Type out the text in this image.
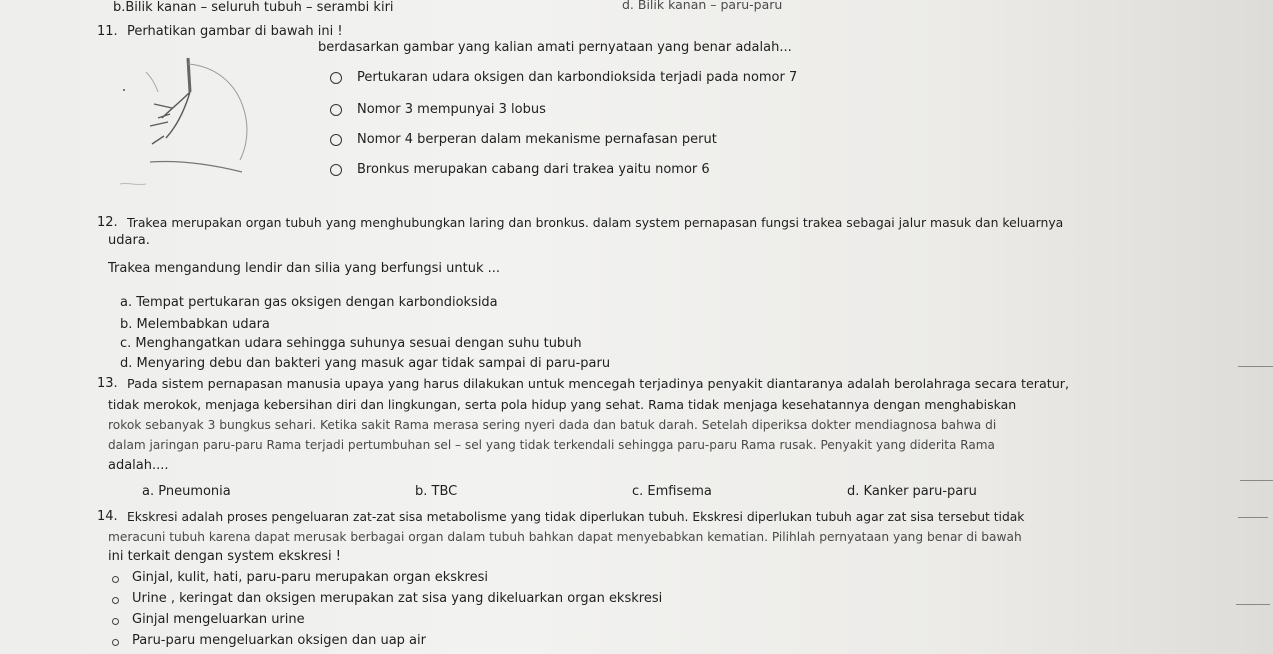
b.Bilik kanan – seluruh tubuh – serambi kiri	d. Bilik kanan – paru-paru
11. Perhatikan gambar di bawah ini !
berdasarkan gambar yang kalian amati pernyataan yang benar adalah...
Pertukaran udara oksigen dan karbondioksida terjadi pada nomor 7
Nomor 3 mempunyai 3 lobus
Nomor 4 berperan dalam mekanisme pernafasan perut
Bronkus merupakan cabang dari trakea yaitu nomor 6
12. Trakea merupakan organ tubuh yang menghubungkan laring dan bronkus. dalam system pernapasan fungsi trakea sebagai jalur masuk dan keluarnya
udara.
Trakea mengandung lendir dan silia yang berfungsi untuk ...
a. Tempat pertukaran gas oksigen dengan karbondioksida
b. Melembabkan udara
c. Menghangatkan udara sehingga suhunya sesuai dengan suhu tubuh
d. Menyaring debu dan bakteri yang masuk agar tidak sampai di paru-paru
13. Pada sistem pernapasan manusia upaya yang harus dilakukan untuk mencegah terjadinya penyakit diantaranya adalah berolahraga secara teratur,
tidak merokok, menjaga kebersihan diri dan lingkungan, serta pola hidup yang sehat. Rama tidak menjaga kesehatannya dengan menghabiskan
rokok sebanyak 3 bungkus sehari. Ketika sakit Rama merasa sering nyeri dada dan batuk darah. Setelah diperiksa dokter mendiagnosa bahwa di
dalam jaringan paru-paru Rama terjadi pertumbuhan sel – sel yang tidak terkendali sehingga paru-paru Rama rusak. Penyakit yang diderita Rama
adalah....
a. Pneumonia	b. TBC	c. Emfisema	d. Kanker paru-paru
14. Ekskresi adalah proses pengeluaran zat-zat sisa metabolisme yang tidak diperlukan tubuh. Ekskresi diperlukan tubuh agar zat sisa tersebut tidak
meracuni tubuh karena dapat merusak berbagai organ dalam tubuh bahkan dapat menyebabkan kematian. Pilihlah pernyataan yang benar di bawah
ini terkait dengan system ekskresi !
Ginjal, kulit, hati, paru-paru merupakan organ ekskresi
Urine , keringat dan oksigen merupakan zat sisa yang dikeluarkan organ ekskresi
Ginjal mengeluarkan urine
Paru-paru mengeluarkan oksigen dan uap air
